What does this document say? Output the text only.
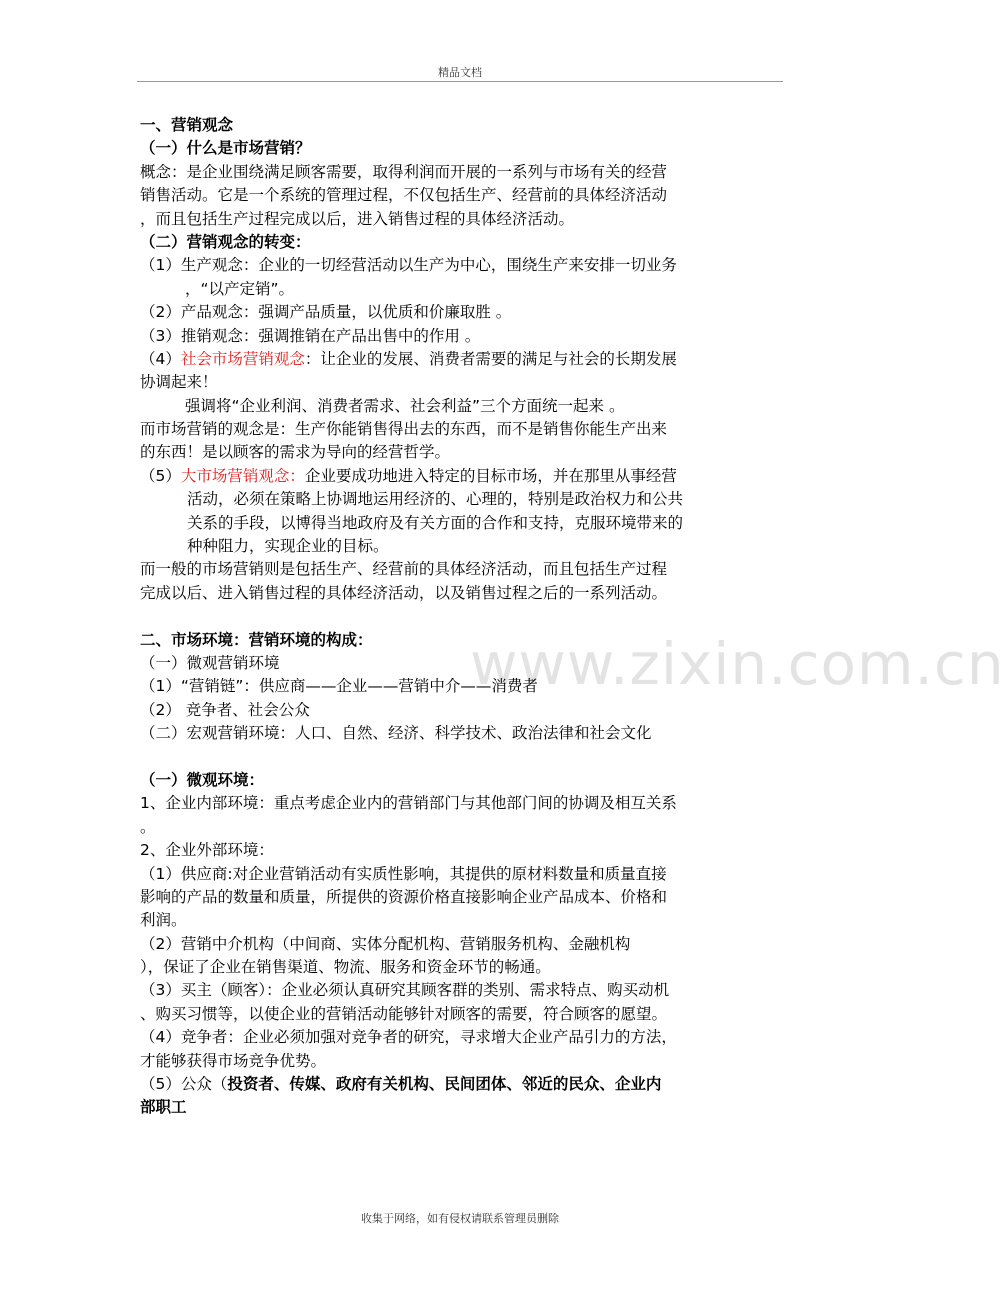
精品文档
www.zixin.com.cn
一、营销观念
（一）什么是市场营销？
概念：是企业围绕满足顾客需要，取得利润而开展的一系列与市场有关的经营
销售活动。它是一个系统的管理过程，不仅包括生产、经营前的具体经济活动
，而且包括生产过程完成以后，进入销售过程的具体经济活动。
（二）营销观念的转变：
（1）生产观念：企业的一切经营活动以生产为中心，围绕生产来安排一切业务
，“以产定销”。
（2）产品观念：强调产品质量，以优质和价廉取胜 。
（3）推销观念：强调推销在产品出售中的作用 。
（4）社会市场营销观念：让企业的发展、消费者需要的满足与社会的长期发展
协调起来！
强调将“企业利润、消费者需求、社会利益”三个方面统一起来 。
而市场营销的观念是：生产你能销售得出去的东西，而不是销售你能生产出来
的东西！是以顾客的需求为导向的经营哲学。
（5）大市场营销观念：企业要成功地进入特定的目标市场，并在那里从事经营
活动，必须在策略上协调地运用经济的、心理的，特别是政治权力和公共
关系的手段，以博得当地政府及有关方面的合作和支持，克服环境带来的
种种阻力，实现企业的目标。
而一般的市场营销则是包括生产、经营前的具体经济活动，而且包括生产过程
完成以后、进入销售过程的具体经济活动，以及销售过程之后的一系列活动。
二、市场环境：营销环境的构成：
（一）微观营销环境
（1）“营销链”：供应商——企业——营销中介——消费者
（2） 竞争者、社会公众
（二）宏观营销环境：人口、自然、经济、科学技术、政治法律和社会文化
（一）微观环境：
1、企业内部环境：重点考虑企业内的营销部门与其他部门间的协调及相互关系
。
2、企业外部环境：
（1）供应商:对企业营销活动有实质性影响，其提供的原材料数量和质量直接
影响的产品的数量和质量，所提供的资源价格直接影响企业产品成本、价格和
利润。
（2）营销中介机构（中间商、实体分配机构、营销服务机构、金融机构
），保证了企业在销售渠道、物流、服务和资金环节的畅通。
（3）买主（顾客）：企业必须认真研究其顾客群的类别、需求特点、购买动机
、购买习惯等，以使企业的营销活动能够针对顾客的需要，符合顾客的愿望。
（4）竞争者：企业必须加强对竞争者的研究，寻求增大企业产品引力的方法，
才能够获得市场竞争优势。
（5）公众（投资者、传媒、政府有关机构、民间团体、邻近的民众、企业内
部职工
收集于网络，如有侵权请联系管理员删除
